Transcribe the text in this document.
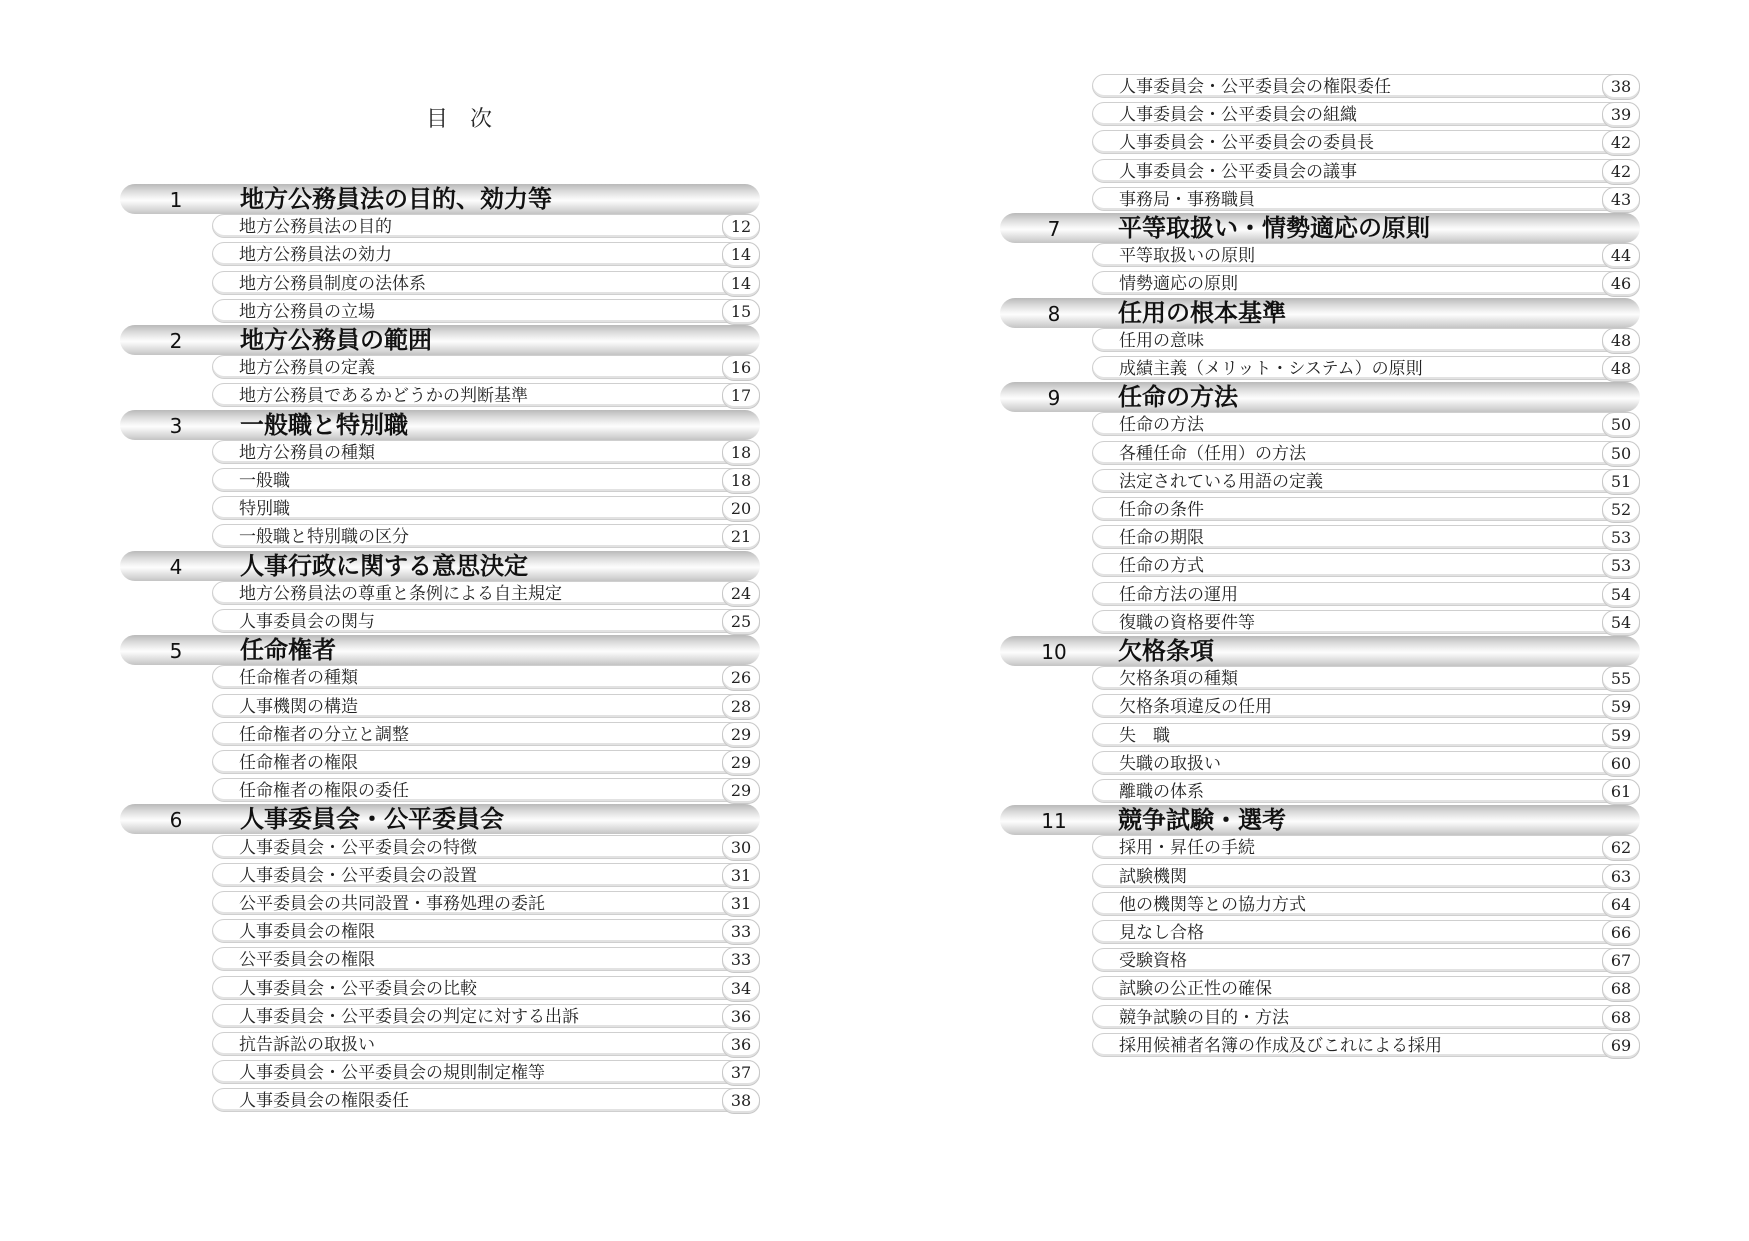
目次
1	地方公務員法の目的、効力等
地方公務員法の目的	12
地方公務員法の効力	14
地方公務員制度の法体系	14
地方公務員の立場	15
2	地方公務員の範囲
地方公務員の定義	16
地方公務員であるかどうかの判断基準	17
3	一般職と特別職
地方公務員の種類	18
一般職	18
特別職	20
一般職と特別職の区分	21
4	人事行政に関する意思決定
地方公務員法の尊重と条例による自主規定	24
人事委員会の関与	25
5	任命権者
任命権者の種類	26
人事機関の構造	28
任命権者の分立と調整	29
任命権者の権限	29
任命権者の権限の委任	29
6	人事委員会・公平委員会
人事委員会・公平委員会の特徴	30
人事委員会・公平委員会の設置	31
公平委員会の共同設置・事務処理の委託	31
人事委員会の権限	33
公平委員会の権限	33
人事委員会・公平委員会の比較	34
人事委員会・公平委員会の判定に対する出訴	36
抗告訴訟の取扱い	36
人事委員会・公平委員会の規則制定権等	37
人事委員会の権限委任	38
人事委員会・公平委員会の権限委任	38
人事委員会・公平委員会の組織	39
人事委員会・公平委員会の委員長	42
人事委員会・公平委員会の議事	42
事務局・事務職員	43
7	平等取扱い・情勢適応の原則
平等取扱いの原則	44
情勢適応の原則	46
8	任用の根本基準
任用の意味	48
成績主義（メリット・システム）の原則	48
9	任命の方法
任命の方法	50
各種任命（任用）の方法	50
法定されている用語の定義	51
任命の条件	52
任命の期限	53
任命の方式	53
任命方法の運用	54
復職の資格要件等	54
10	欠格条項
欠格条項の種類	55
欠格条項違反の任用	59
失　職	59
失職の取扱い	60
離職の体系	61
11	競争試験・選考
採用・昇任の手続	62
試験機関	63
他の機関等との協力方式	64
見なし合格	66
受験資格	67
試験の公正性の確保	68
競争試験の目的・方法	68
採用候補者名簿の作成及びこれによる採用	69
